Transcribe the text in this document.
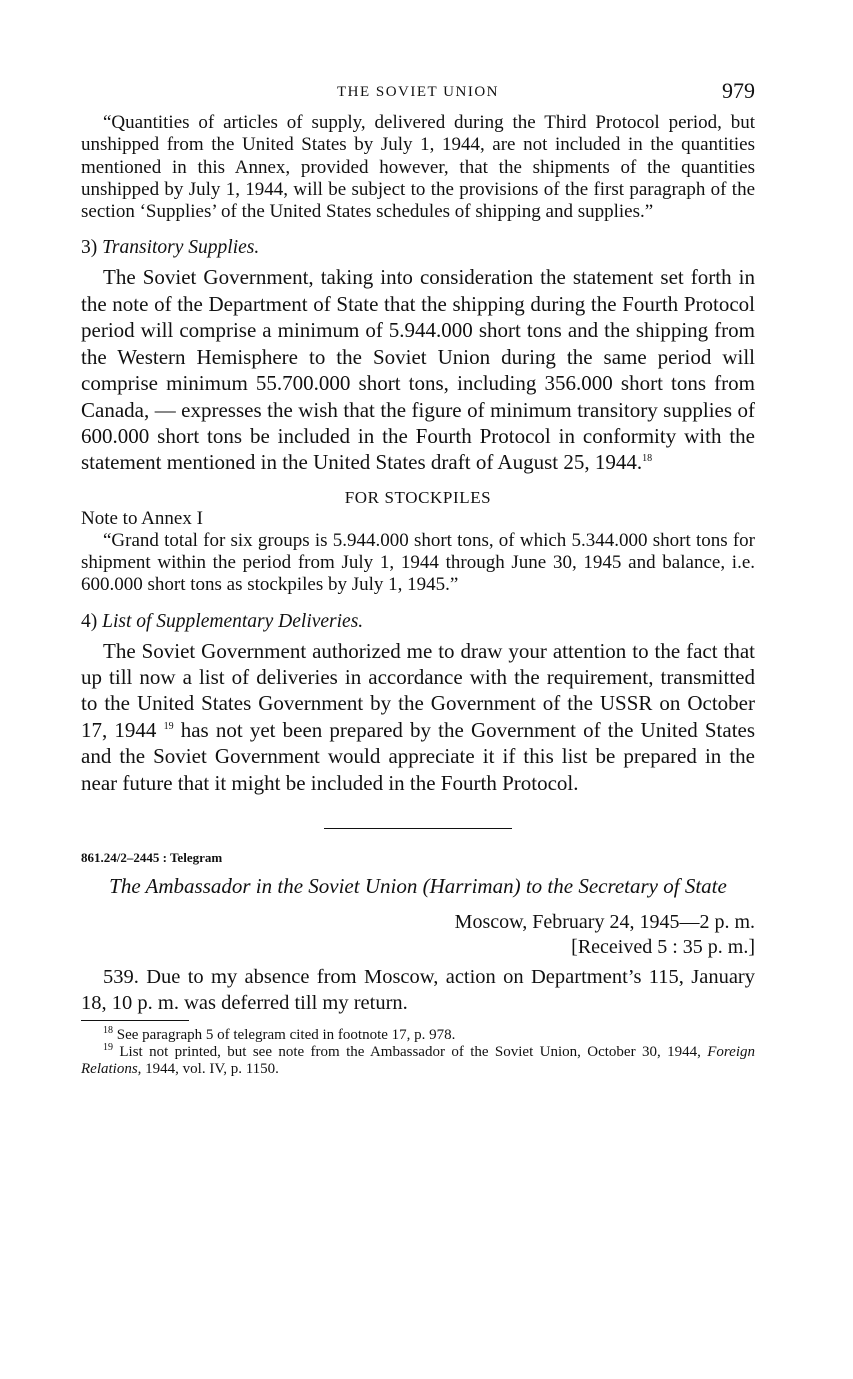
THE SOVIET UNION	979

“Quantities of articles of supply, delivered during the Third Protocol period, but unshipped from the United States by July 1, 1944, are not included in the quantities mentioned in this Annex, provided however, that the shipments of the quantities unshipped by July 1, 1944, will be subject to the provisions of the first paragraph of the section ‘Supplies’ of the United States schedules of shipping and supplies.”

3) Transitory Supplies.

The Soviet Government, taking into consideration the statement set forth in the note of the Department of State that the shipping during the Fourth Protocol period will comprise a minimum of 5.944.000 short tons and the shipping from the Western Hemisphere to the Soviet Union during the same period will comprise minimum 55.700.000 short tons, including 356.000 short tons from Canada, — expresses the wish that the figure of minimum transitory supplies of 600.000 short tons be included in the Fourth Protocol in conformity with the statement mentioned in the United States draft of August 25, 1944.18

FOR STOCKPILES
Note to Annex I

“Grand total for six groups is 5.944.000 short tons, of which 5.344.000 short tons for shipment within the period from July 1, 1944 through June 30, 1945 and balance, i.e. 600.000 short tons as stockpiles by July 1, 1945.”

4) List of Supplementary Deliveries.

The Soviet Government authorized me to draw your attention to the fact that up till now a list of deliveries in accordance with the requirement, transmitted to the United States Government by the Government of the USSR on October 17, 1944 $^{19}$ has not yet been prepared by the Government of the United States and the Soviet Government would appreciate it if this list be prepared in the near future that it might be included in the Fourth Protocol.

861.24/2–2445 : Telegram
The Ambassador in the Soviet Union (Harriman) to the Secretary of State
Moscow, February 24, 1945—2 p. m.
[Received 5 : 35 p. m.]

539. Due to my absence from Moscow, action on Department’s 115, January 18, 10 p. m. was deferred till my return.

$^{18}$ See paragraph 5 of telegram cited in footnote 17, p. 978.

$^{19}$ List not printed, but see note from the Ambassador of the Soviet Union, October 30, 1944, Foreign Relations, 1944, vol. IV, p. 1150.
